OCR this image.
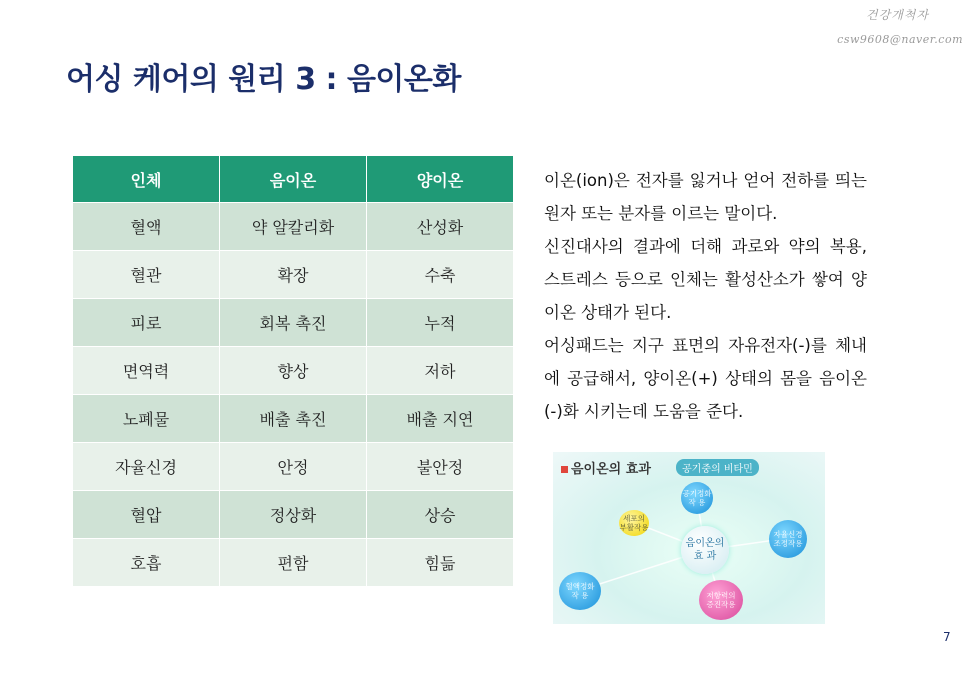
건강개척자
csw9608@naver.com
어싱 케어의 원리 3 : 음이온화
인체	음이온	양이온
혈액	약 알칼리화	산성화
혈관	확장	수축
피로	회복 촉진	누적
면역력	향상	저하
노폐물	배출 촉진	배출 지연
자율신경	안정	불안정
혈압	정상화	상승
호흡	편함	힘듦

이온(ion)은 전자를 잃거나 얻어 전하를 띄는 원자 또는 분자를 이르는 말이다.

신진대사의 결과에 더해 과로와 약의 복용, 스트레스 등으로 인체는 활성산소가 쌓여 양이온 상태가 된다.

어싱패드는 지구 표면의 자유전자(-)를 체내에 공급해서, 양이온(+) 상태의 몸을 음이온(-)화 시키는데 도움을 준다.

음이온의 효과	공기중의 비타민
공기정화
작 용
세포의
부활작용
음이온의
효 과
자율신경
조정작용
혈액정화
작 용	저항력의
증진작용
7
